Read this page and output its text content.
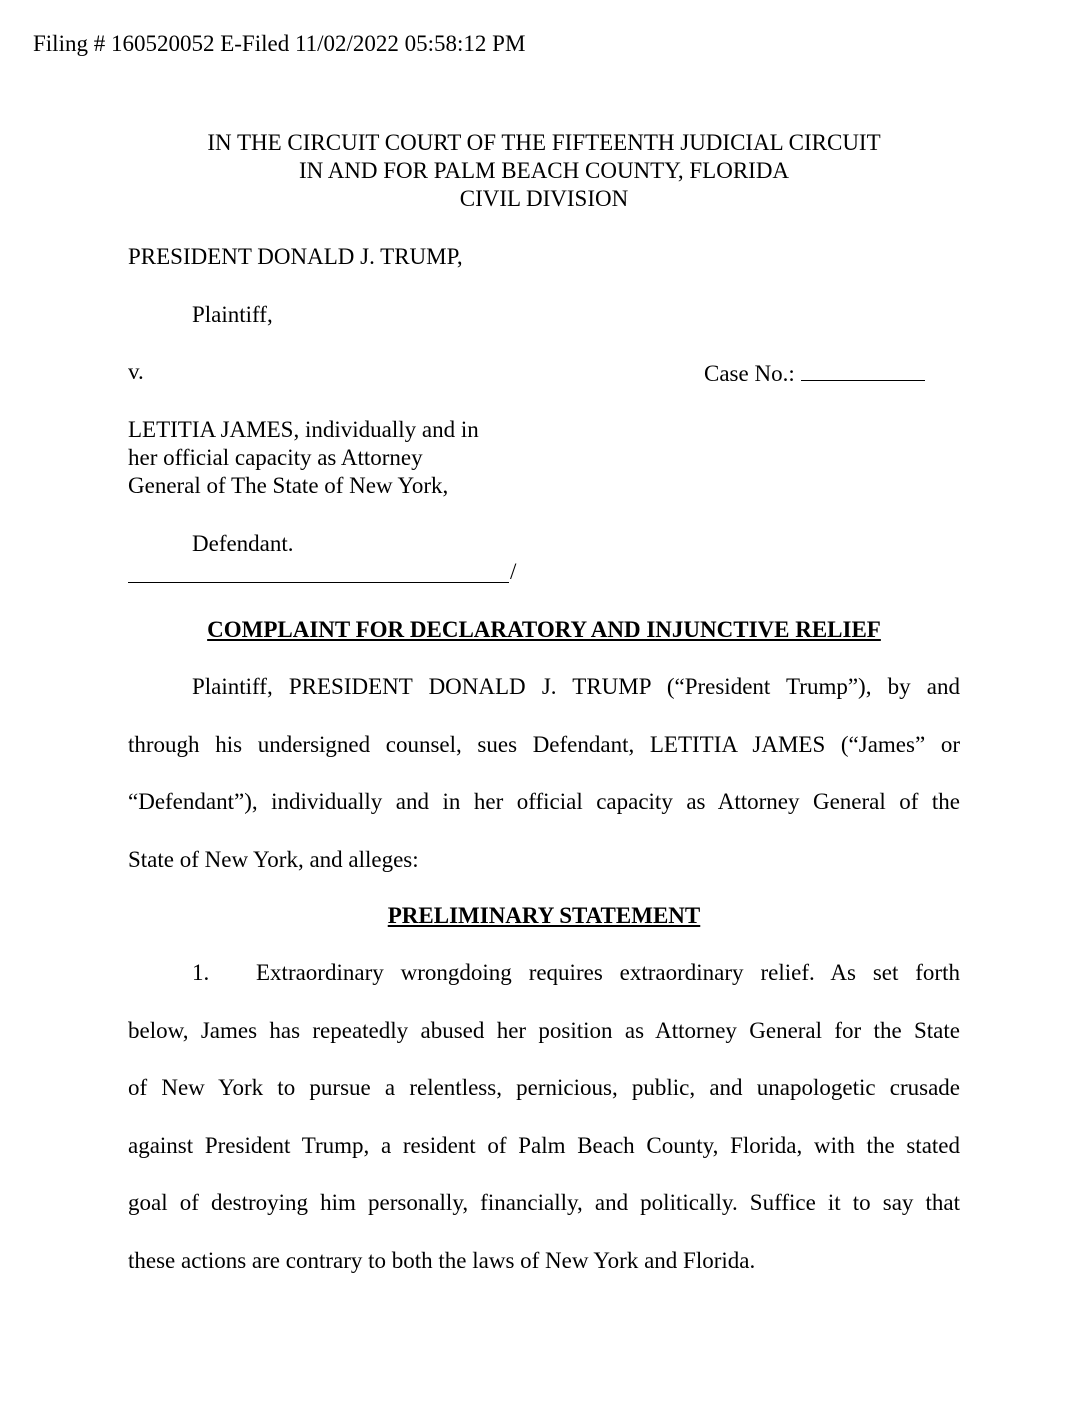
Filing # 160520052 E-Filed 11/02/2022 05:58:12 PM
IN THE CIRCUIT COURT OF THE FIFTEENTH JUDICIAL CIRCUIT
IN AND FOR PALM BEACH COUNTY, FLORIDA
CIVIL DIVISION
PRESIDENT DONALD J. TRUMP,
Plaintiff,
v.	Case No.:
LETITIA JAMES, individually and in
her official capacity as Attorney
General of The State of New York,
Defendant.
/
COMPLAINT FOR DECLARATORY AND INJUNCTIVE RELIEF
Plaintiff, PRESIDENT DONALD J. TRUMP (“President Trump”), by and
through his undersigned counsel, sues Defendant, LETITIA JAMES (“James” or
“Defendant”), individually and in her official capacity as Attorney General of the
State of New York, and alleges:
PRELIMINARY STATEMENT
1.	Extraordinary wrongdoing requires extraordinary relief. As set forth
below, James has repeatedly abused her position as Attorney General for the State
of New York to pursue a relentless, pernicious, public, and unapologetic crusade
against President Trump, a resident of Palm Beach County, Florida, with the stated
goal of destroying him personally, financially, and politically. Suffice it to say that
these actions are contrary to both the laws of New York and Florida.
